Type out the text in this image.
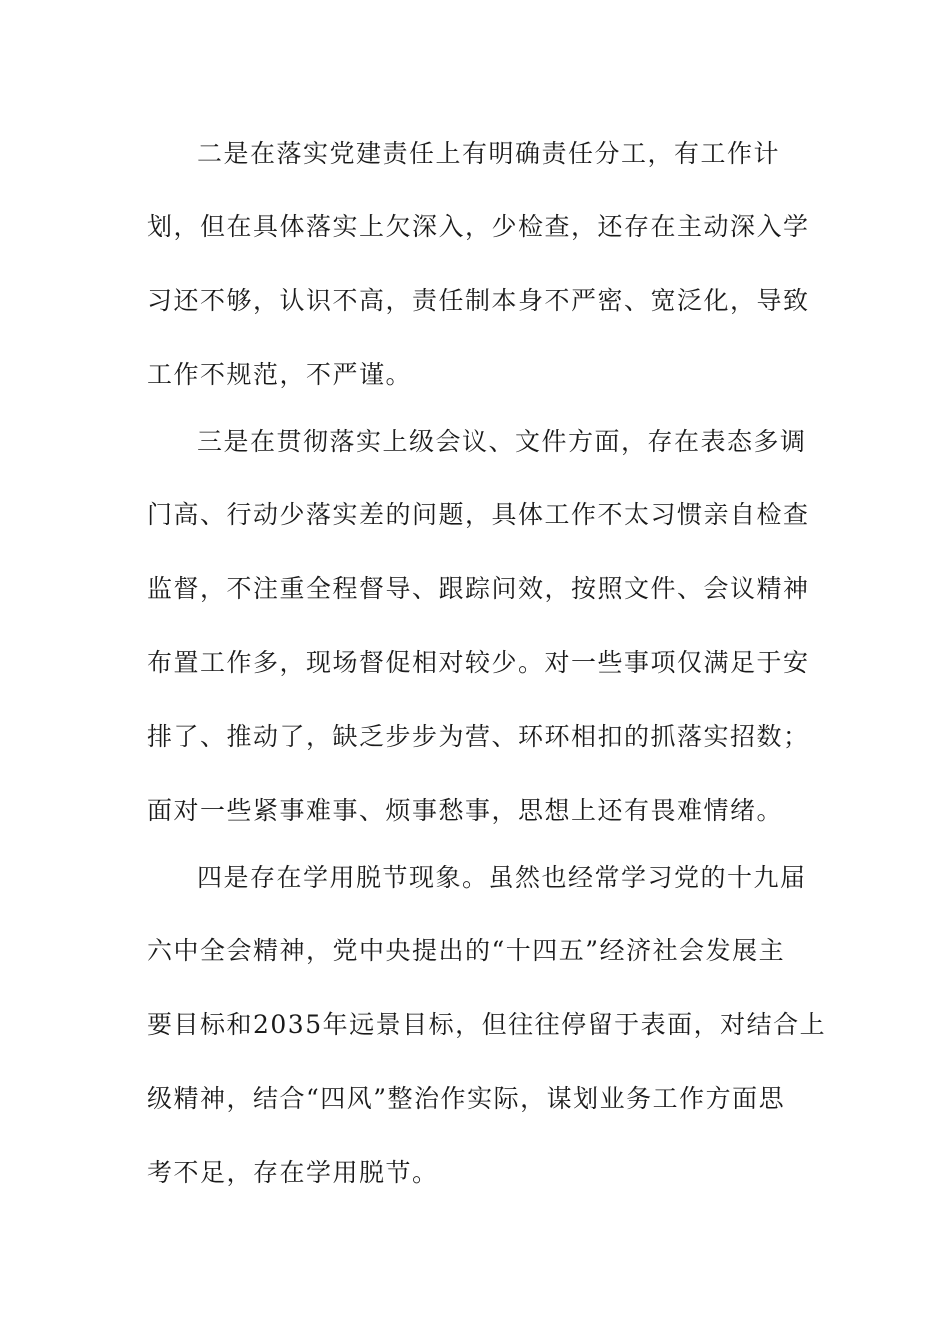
二是在落实党建责任上有明确责任分工，有工作计
划，但在具体落实上欠深入，少检查，还存在主动深入学
习还不够，认识不高，责任制本身不严密、宽泛化，导致
工作不规范，不严谨。
三是在贯彻落实上级会议、文件方面，存在表态多调
门高、行动少落实差的问题，具体工作不太习惯亲自检查
监督，不注重全程督导、跟踪问效，按照文件、会议精神
布置工作多，现场督促相对较少。对一些事项仅满足于安
排了、推动了，缺乏步步为营、环环相扣的抓落实招数；
面对一些紧事难事、烦事愁事，思想上还有畏难情绪。
四是存在学用脱节现象。虽然也经常学习党的十九届
六中全会精神，党中央提出的“十四五”经济社会发展主
要目标和2035年远景目标，但往往停留于表面，对结合上
级精神，结合“四风”整治作实际，谋划业务工作方面思
考不足，存在学用脱节。
